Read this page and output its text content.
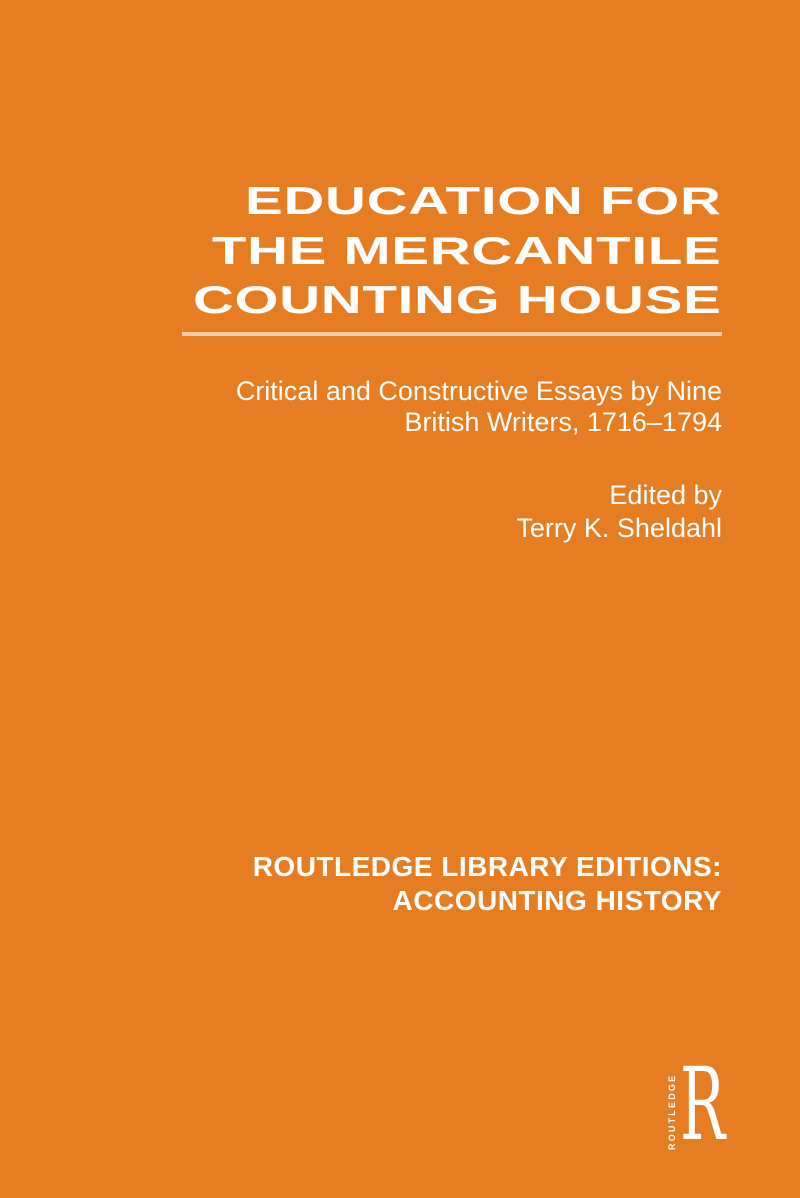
EDUCATION FOR
THE MERCANTILE
COUNTING HOUSE
Critical and Constructive Essays by Nine
British Writers, 1716–1794
Edited by
Terry K. Sheldahl
ROUTLEDGE LIBRARY EDITIONS:
ACCOUNTING HISTORY
ROUTLEDGE R
